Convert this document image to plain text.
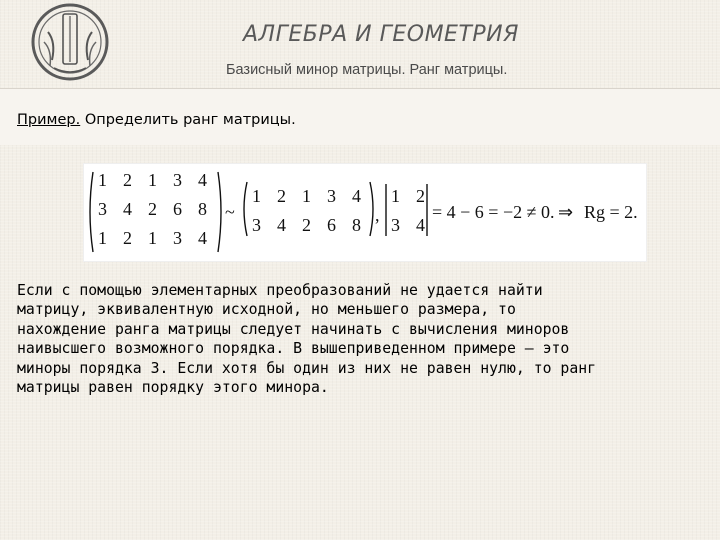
АЛГЕБРА И ГЕОМЕТРИЯ
Базисный минор матрицы. Ранг матрицы.
Пример. Определить ранг матрицы.
1 2 1 3 4
3 4 2 6 8
1 2 1 3 4
~
1 2 1 3 4
3 4 2 6 8 ,
1 2
3 4
= 4 − 6 = −2 ≠ 0. ⇒ Rg = 2.
Если с помощью элементарных преобразований не удается найти
матрицу, эквивалентную исходной, но меньшего размера, то
нахождение ранга матрицы следует начинать с вычисления миноров
наивысшего возможного порядка. В вышеприведенном примере – это
миноры порядка 3. Если хотя бы один из них не равен нулю, то ранг
матрицы равен порядку этого минора.
